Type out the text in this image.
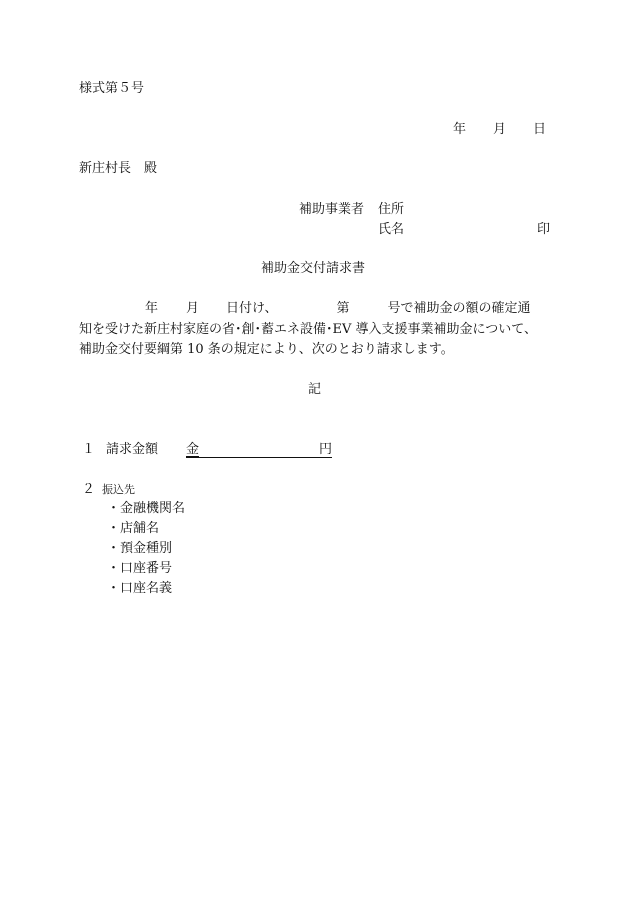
様式第５号
年 月 日
新庄村長　殿
補助事業者 住所
氏名	印
補助金交付請求書
年 月 日付け、	第	号で補助金の額の確定通
知を受けた新庄村家庭の省･創･蓄エネ設備･EV 導入支援事業補助金について、
補助金交付要綱第 10 条の規定により、次のとおり請求します。
記
１ 請求金額 金	円
２ 振込先
・金融機関名
・店舗名
・預金種別
・口座番号
・口座名義
